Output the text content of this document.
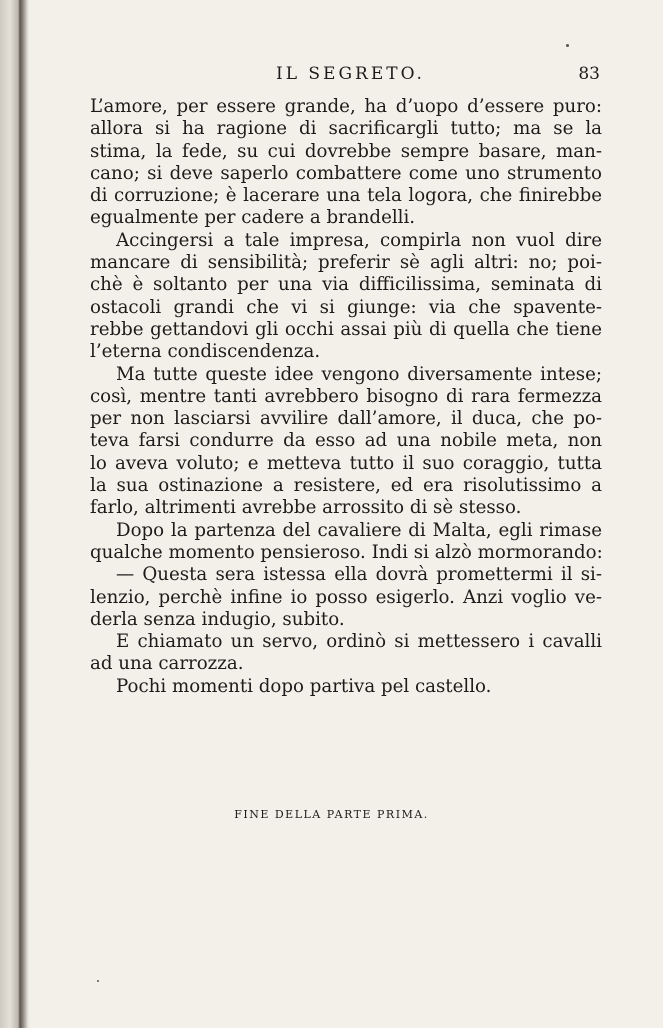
IL SEGRETO.	83
L’amore, per essere grande, ha d’uopo d’essere puro:
allora si ha ragione di sacrificargli tutto; ma se la
stima, la fede, su cui dovrebbe sempre basare, man-
cano; si deve saperlo combattere come uno strumento
di corruzione; è lacerare una tela logora, che finirebbe
egualmente per cadere a brandelli.
Accingersi a tale impresa, compirla non vuol dire
mancare di sensibilità; preferir sè agli altri: no; poi-
chè è soltanto per una via difficilissima, seminata di
ostacoli grandi che vi si giunge: via che spavente-
rebbe gettandovi gli occhi assai più di quella che tiene
l’eterna condiscendenza.
Ma tutte queste idee vengono diversamente intese;
così, mentre tanti avrebbero bisogno di rara fermezza
per non lasciarsi avvilire dall’amore, il duca, che po-
teva farsi condurre da esso ad una nobile meta, non
lo aveva voluto; e metteva tutto il suo coraggio, tutta
la sua ostinazione a resistere, ed era risolutissimo a
farlo, altrimenti avrebbe arrossito di sè stesso.
Dopo la partenza del cavaliere di Malta, egli rimase
qualche momento pensieroso. Indi si alzò mormorando:
— Questa sera istessa ella dovrà promettermi il si-
lenzio, perchè infine io posso esigerlo. Anzi voglio ve-
derla senza indugio, subito.
E chiamato un servo, ordinò si mettessero i cavalli
ad una carrozza.
Pochi momenti dopo partiva pel castello.
FINE DELLA PARTE PRIMA.
